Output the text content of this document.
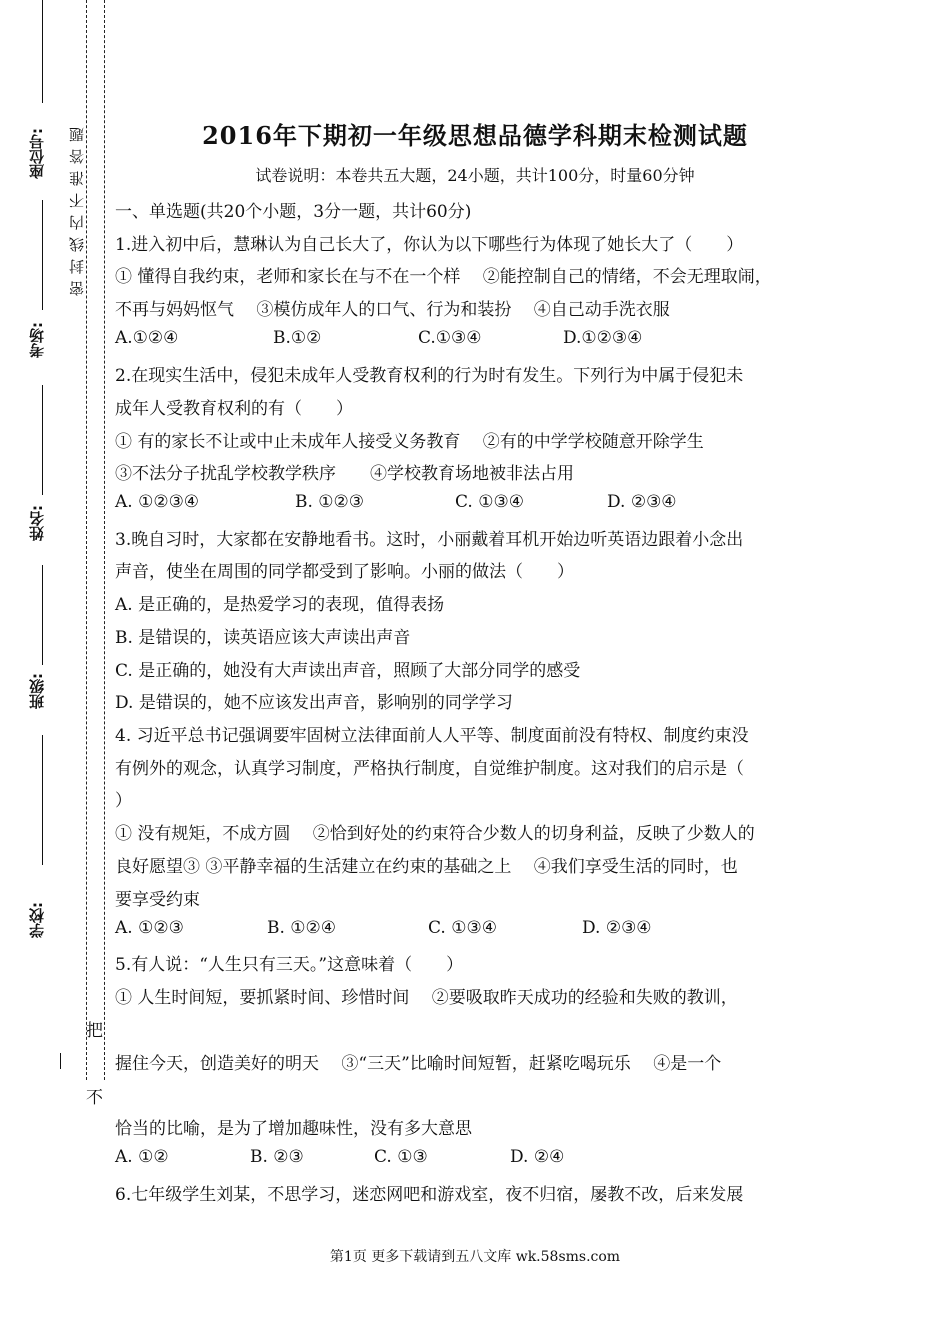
座位号:
考场:
姓名:
班级:
学校:
密封线内不准答题
把
不
2016年下期初一年级思想品德学科期末检测试题
试卷说明：本卷共五大题，24小题，共计100分，时量60分钟
一、单选题(共20个小题，3分一题，共计60分)
1.进入初中后，慧琳认为自己长大了，你认为以下哪些行为体现了她长大了（　　）
① 懂得自我约束，老师和家长在与不在一个样　 ②能控制自己的情绪，不会无理取闹，
不再与妈妈怄气　 ③模仿成年人的口气、行为和装扮　 ④自己动手洗衣服
A.①②④	B.①②	C.①③④	D.①②③④
2.在现实生活中，侵犯未成年人受教育权利的行为时有发生。下列行为中属于侵犯未
成年人受教育权利的有（　　）
① 有的家长不让或中止未成年人接受义务教育　 ②有的中学学校随意开除学生
③不法分子扰乱学校教学秩序　　④学校教育场地被非法占用
A. ①②③④	B. ①②③	C. ①③④	D. ②③④
3.晚自习时，大家都在安静地看书。这时，小丽戴着耳机开始边听英语边跟着小念出
声音，使坐在周围的同学都受到了影响。小丽的做法（　　）
A. 是正确的，是热爱学习的表现，值得表扬
B. 是错误的，读英语应该大声读出声音
C. 是正确的，她没有大声读出声音，照顾了大部分同学的感受
D. 是错误的，她不应该发出声音，影响别的同学学习
4. 习近平总书记强调要牢固树立法律面前人人平等、制度面前没有特权、制度约束没
有例外的观念，认真学习制度，严格执行制度，自觉维护制度。这对我们的启示是（
）
① 没有规矩，不成方圆　 ②恰到好处的约束符合少数人的切身利益，反映了少数人的
良好愿望③ ③平静幸福的生活建立在约束的基础之上　 ④我们享受生活的同时，也
要享受约束
A. ①②③	B. ①②④	C. ①③④	D. ②③④
5.有人说：“人生只有三天。”这意味着（　　）
① 人生时间短，要抓紧时间、珍惜时间　 ②要吸取昨天成功的经验和失败的教训，
握住今天，创造美好的明天　 ③“三天”比喻时间短暂，赶紧吃喝玩乐　 ④是一个
恰当的比喻，是为了增加趣味性，没有多大意思
A. ①②	B. ②③	C. ①③	D. ②④
6.七年级学生刘某，不思学习，迷恋网吧和游戏室，夜不归宿，屡教不改，后来发展
第1页 更多下载请到五八文库 wk.58sms.com
